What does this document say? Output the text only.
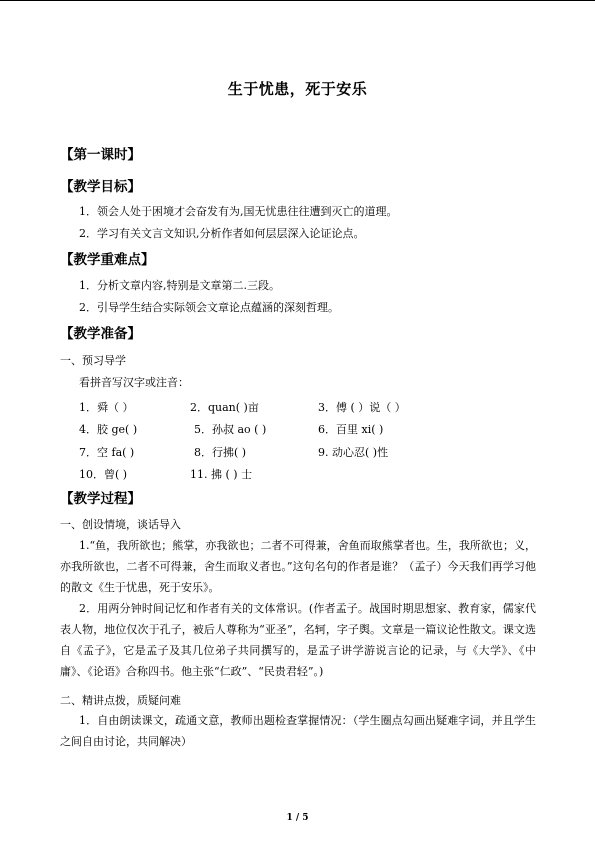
生于忧患，死于安乐
【第一课时】
【教学目标】
1．领会人处于困境才会奋发有为,国无忧患往往遭到灭亡的道理。
2．学习有关文言文知识,分析作者如何层层深入论证论点。
【教学重难点】
1．分析文章内容,特别是文章第二.三段。
2．引导学生结合实际领会文章论点蕴涵的深刻哲理。
【教学准备】
一、预习导学
看拼音写汉字或注音：
1．舜（ ）	2．quan( )亩	3．傅 ( ）说（ ）
4．胶 ge( )	5．孙叔 ao ( )	6．百里 xi( )
7．空 fa( )	8．行拂( )	9. 动心忍( )性
10．曾( )	11. 拂 ( ) 士
【教学过程】
一、创设情境，谈话导入
1.“鱼，我所欲也；熊掌，亦我欲也；二者不可得兼，舍鱼而取熊掌者也。生，我所欲也；义，亦我所欲也，二者不可得兼，舍生而取义者也。”这句名句的作者是谁？（孟子）今天我们再学习他的散文《生于忧患，死于安乐》。
2．用两分钟时间记忆和作者有关的文体常识。(作者孟子。战国时期思想家、教育家，儒家代表人物，地位仅次于孔子，被后人尊称为“亚圣”，名轲，字子舆。文章是一篇议论性散文。课文选自《孟子》，它是孟子及其几位弟子共同撰写的，是孟子讲学游说言论的记录，与《大学》、《中庸》、《论语》合称四书。他主张“仁政”、“民贵君轻”。)
二、精讲点拨，质疑问难
1．自由朗读课文，疏通文意，教师出题检查掌握情况：（学生圈点勾画出疑难字词，并且学生之间自由讨论，共同解决）
1 / 5
